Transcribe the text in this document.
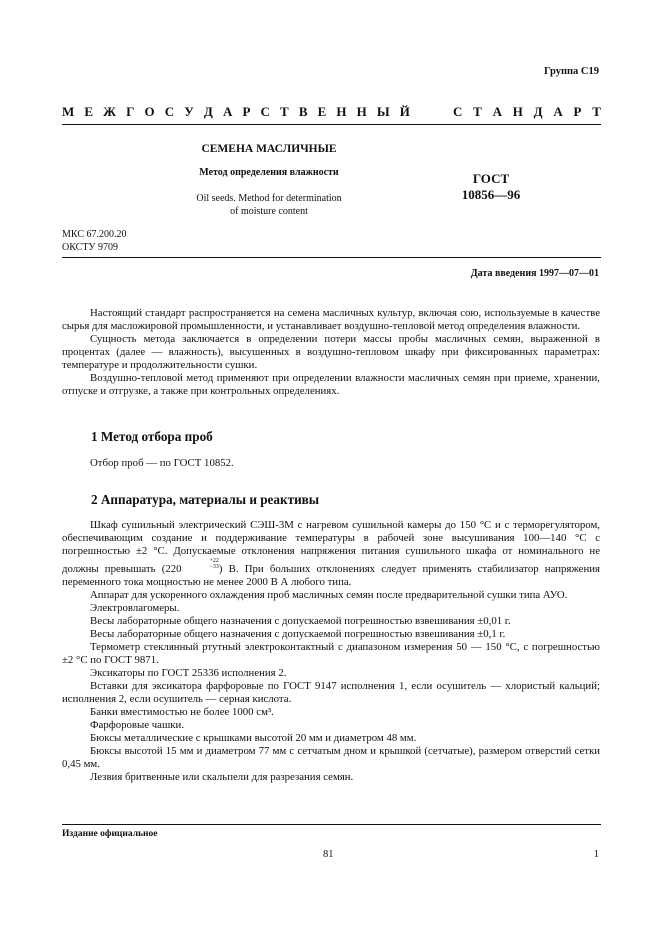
Группа С19
М Е Ж Г О С У Д А Р С Т В Е Н Н Ы Й	С Т А Н Д А Р Т
СЕМЕНА МАСЛИЧНЫЕ
Метод определения влажности
Oil seeds. Method for determination
of moisture content
ГОСТ
10856—96
МКС 67.200.20
ОКСТУ 9709
Дата введения 1997—07—01

Настоящий стандарт распространяется на семена масличных культур, включая сою, используемые в качестве сырья для масложировой промышленности, и устанавливает воздушно-тепловой метод определения влажности.

Сущность метода заключается в определении потери массы пробы масличных семян, выраженной в процентах (далее — влажность), высушенных в воздушно-тепловом шкафу при фиксированных параметрах: температуре и продолжительности сушки.

Воздушно-тепловой метод применяют при определении влажности масличных семян при приеме, хранении, отпуске и отгрузке, а также при контрольных определениях.

1 Метод отбора проб

Отбор проб — по ГОСТ 10852.

2 Аппаратура, материалы и реактивы

Шкаф сушильный электрический СЭШ-3М с нагревом сушильной камеры до 150 °С и с терморегулятором, обеспечивающим создание и поддерживание температуры в рабочей зоне высушивания 100—140 °С с погрешностью ±2 °С. Допускаемые отклонения напряжения питания сушильного шкафа от номинального не должны превышать (220
$^{+22 -33}$ ) В. При больших отклонениях следует применять стабилизатор напряжения переменного тока мощностью не менее 2000 В А любого типа.

Аппарат для ускоренного охлаждения проб масличных семян после предварительной сушки типа АУО.

Электровлагомеры.

Весы лабораторные общего назначения с допускаемой погрешностью взвешивания ±0,01 г.

Весы лабораторные общего назначения с допускаемой погрешностью взвешивания ±0,1 г.

Термометр стеклянный ртутный электроконтактный с диапазоном измерения 50 — 150 °С, с погрешностью ±2 °С по ГОСТ 9871.

Эксикаторы по ГОСТ 25336 исполнения 2.

Вставки для эксикатора фарфоровые по ГОСТ 9147 исполнения 1, если осушитель — хлористый кальций; исполнения 2, если осушитель — серная кислота.

Банки вместимостью не более 1000 см³.

Фарфоровые чашки.

Бюксы металлические с крышками высотой 20 мм и диаметром 48 мм.

Бюксы высотой 15 мм и диаметром 77 мм с сетчатым дном и крышкой (сетчатые), размером отверстий сетки 0,45 мм.

Лезвия бритвенные или скальпели для разрезания семян.

Издание официальное
81	1
